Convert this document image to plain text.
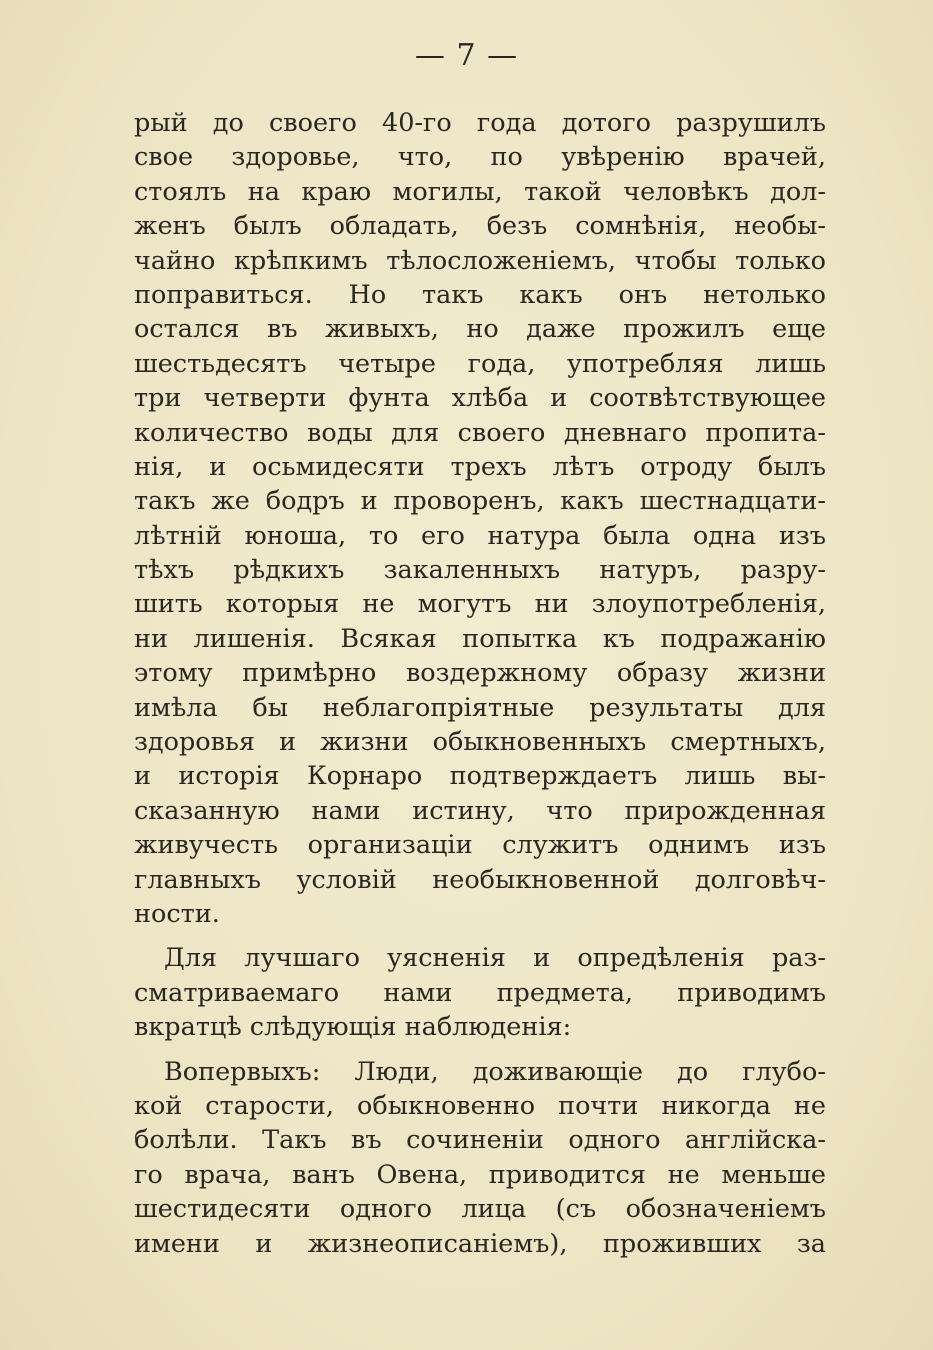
— 7 —
рый до своего 40-го года дотого разрушилъ
свое здоровье, что, по увѣренію врачей,
стоялъ на краю могилы, такой человѣкъ дол-
женъ былъ обладать, безъ сомнѣнія, необы-
чайно крѣпкимъ тѣлосложеніемъ, чтобы только
поправиться. Но такъ какъ онъ нетолько
остался въ живыхъ, но даже прожилъ еще
шестьдесятъ четыре года, употребляя лишь
три четверти фунта хлѣба и соотвѣтствующее
количество воды для своего дневнаго пропита-
нія, и осьмидесяти трехъ лѣтъ отроду былъ
такъ же бодръ и проворенъ, какъ шестнадцати-
лѣтній юноша, то его натура была одна изъ
тѣхъ рѣдкихъ закаленныхъ натуръ, разру-
шить которыя не могутъ ни злоупотребленія,
ни лишенія. Всякая попытка къ подражанію
этому примѣрно воздержному образу жизни
имѣла бы неблагопріятные результаты для
здоровья и жизни обыкновенныхъ смертныхъ,
и исторія Корнаро подтверждаетъ лишь вы-
сказанную нами истину, что прирожденная
живучесть организаціи служитъ однимъ изъ
главныхъ условій необыкновенной долговѣч-
ности.
Для лучшаго уясненія и опредѣленія раз-
сматриваемаго нами предмета, приводимъ
вкратцѣ слѣдующія наблюденія:
Вопервыхъ: Люди, доживающіе до глубо-
кой старости, обыкновенно почти никогда не
болѣли. Такъ въ сочиненіи одного англійска-
го врача, ванъ Овена, приводится не меньше
шестидесяти одного лица (съ обозначеніемъ
имени и жизнеописаніемъ), проживших за
